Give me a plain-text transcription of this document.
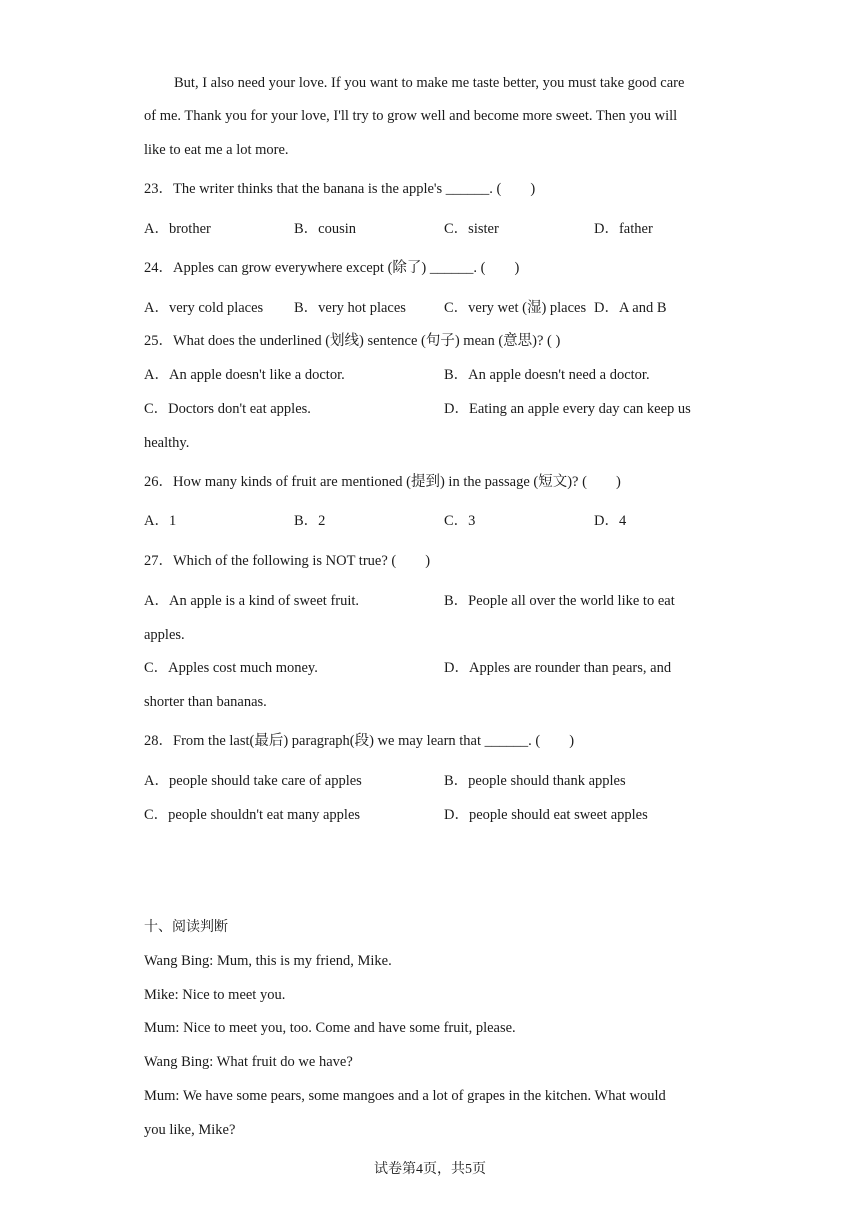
But, I also need your love. If you want to make me taste better, you must take good care
of me. Thank you for your love, I'll try to grow well and become more sweet. Then you will
like to eat me a lot more.
23．The writer thinks that the banana is the apple's ______. (　　)
A．brother	B．cousin	C．sister	D．father
24．Apples can grow everywhere except (除了) ______. (　　)
A．very cold places B．very hot places	C．very wet (湿) places D．A and B
25．What does the underlined (划线) sentence (句子) mean (意思)? ( )
A．An apple doesn't like a doctor.	B．An apple doesn't need a doctor.
C．Doctors don't eat apples.	D．Eating an apple every day can keep us
healthy.
26．How many kinds of fruit are mentioned (提到) in the passage (短文)? (　　)
A．1	B．2	C．3	D．4
27．Which of the following is NOT true? (　　)
A．An apple is a kind of sweet fruit.	B．People all over the world like to eat
apples.
C．Apples cost much money.	D．Apples are rounder than pears, and
shorter than bananas.
28．From the last(最后) paragraph(段) we may learn that ______. (　　)
A．people should take care of apples	B．people should thank apples
C．people shouldn't eat many apples	D．people should eat sweet apples
十、阅读判断
Wang Bing: Mum, this is my friend, Mike.
Mike: Nice to meet you.
Mum: Nice to meet you, too. Come and have some fruit, please.
Wang Bing: What fruit do we have?
Mum: We have some pears, some mangoes and a lot of grapes in the kitchen. What would
you like, Mike?
试卷第4页，共5页
